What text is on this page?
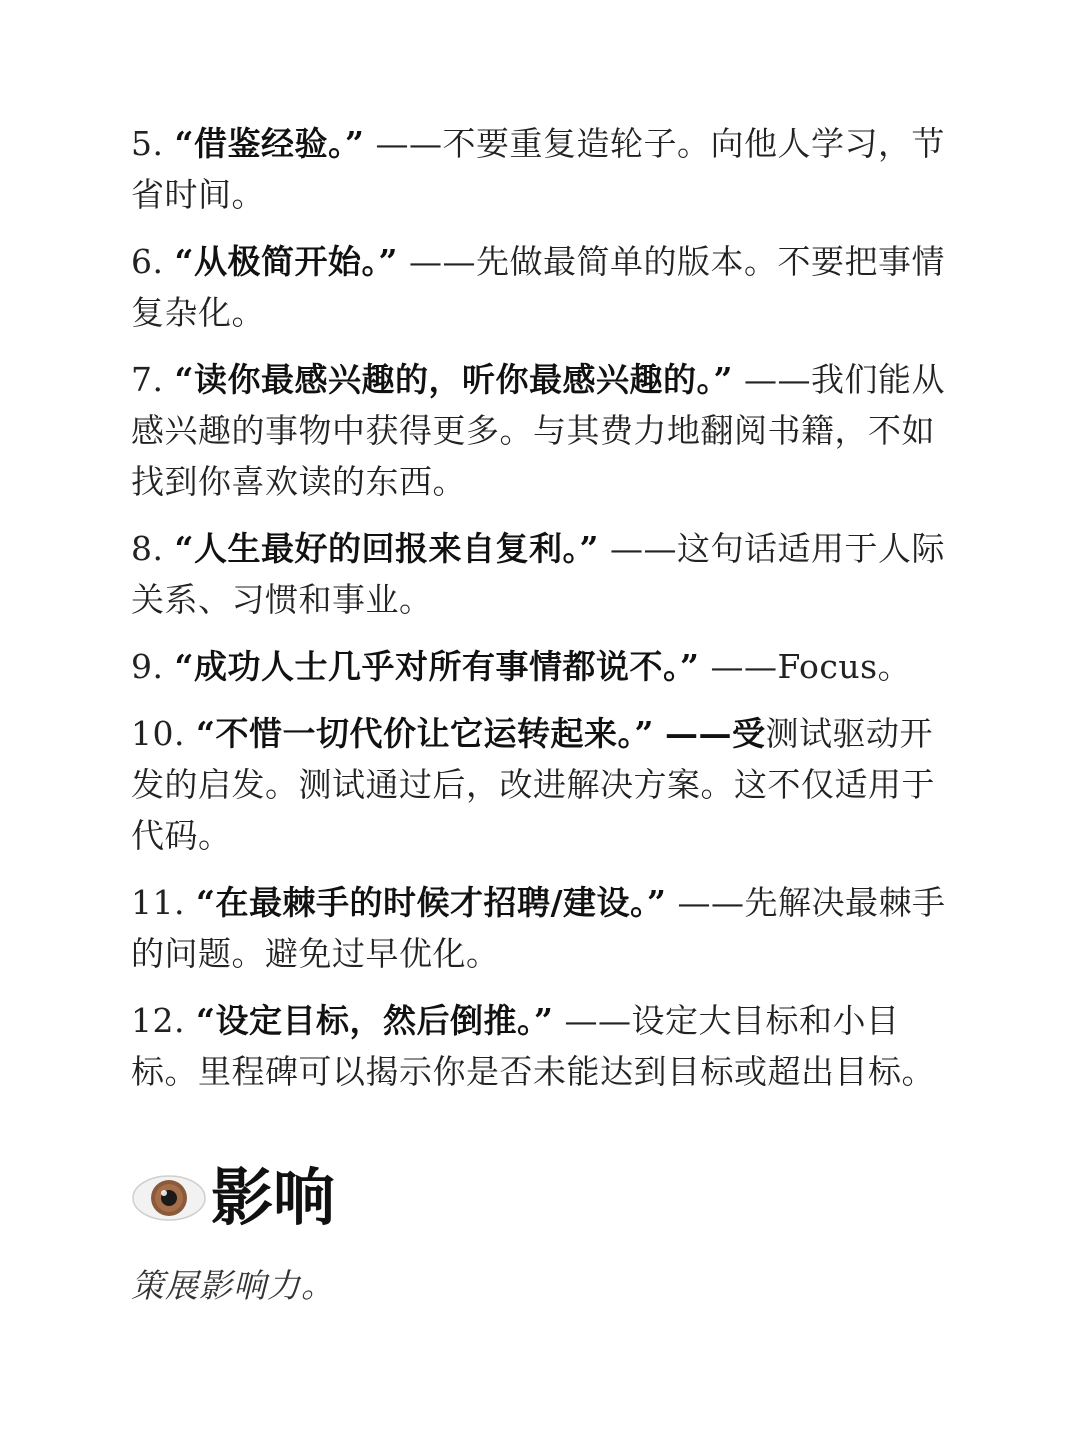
5. “借鉴经验。” ——不要重复造轮子。向他人学习，节省时间。

6. “从极简开始。” ——先做最简单的版本。不要把事情复杂化。

7. “读你最感兴趣的，听你最感兴趣的。” ——我们能从感兴趣的事物中获得更多。与其费力地翻阅书籍，不如找到你喜欢读的东西。

8. “人生最好的回报来自复利。” ——这句话适用于人际关系、习惯和事业。

9. “成功人士几乎对所有事情都说不。” ——Focus。

10. “不惜一切代价让它运转起来。” ——受测试驱动开发的启发。测试通过后，改进解决方案。这不仅适用于代码。

11. “在最棘手的时候才招聘/建设。” ——先解决最棘手的问题。避免过早优化。

12. “设定目标，然后倒推。” ——设定大目标和小目标。里程碑可以揭示你是否未能达到目标或超出目标。

影响
策展影响力。
